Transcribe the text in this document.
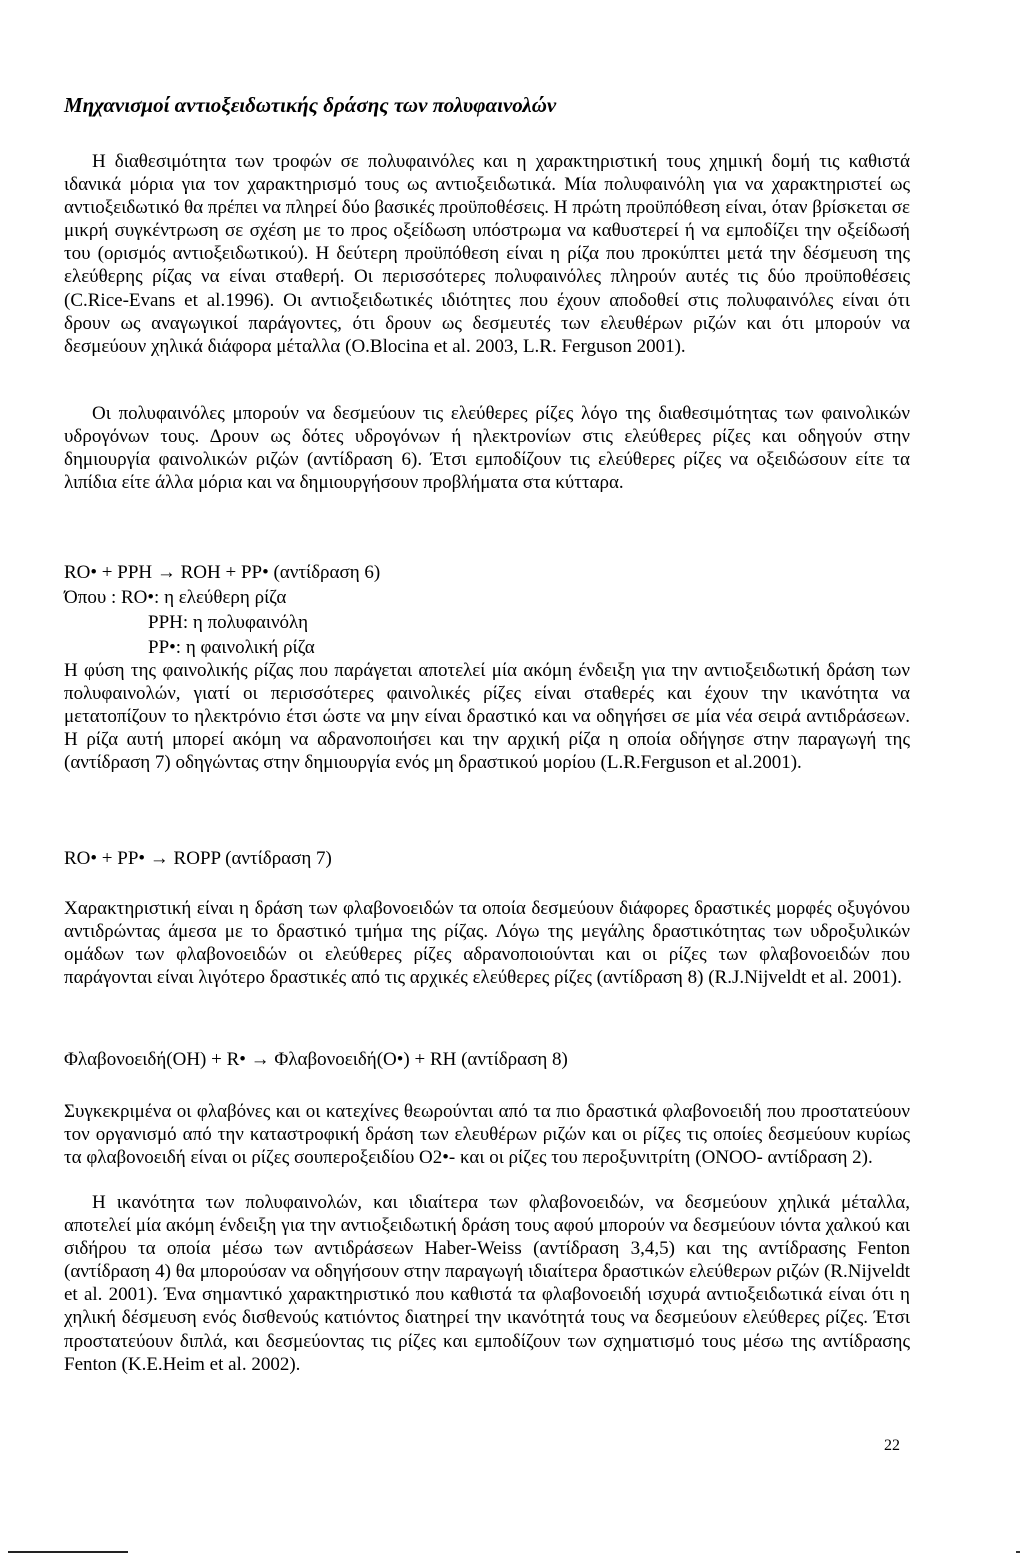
Μηχανισμοί αντιοξειδωτικής δράσης των πολυφαινολών

Η διαθεσιμότητα των τροφών σε πολυφαινόλες και η χαρακτηριστική τους χημική δομή τις καθιστά ιδανικά μόρια για τον χαρακτηρισμό τους ως αντιοξειδωτικά. Μία πολυφαινόλη για να χαρακτηριστεί ως αντιοξειδωτικό θα πρέπει να πληρεί δύο βασικές προϋποθέσεις. Η πρώτη προϋπόθεση είναι, όταν βρίσκεται σε μικρή συγκέντρωση σε σχέση με το προς οξείδωση υπόστρωμα να καθυστερεί ή να εμποδίζει την οξείδωσή του (ορισμός αντιοξειδωτικού). Η δεύτερη προϋπόθεση είναι η ρίζα που προκύπτει μετά την δέσμευση της ελεύθερης ρίζας να είναι σταθερή. Οι περισσότερες πολυφαινόλες πληρούν αυτές τις δύο προϋποθέσεις (C.Rice-Evans et al.1996). Οι αντιοξειδωτικές ιδιότητες που έχουν αποδοθεί στις πολυφαινόλες είναι ότι δρουν ως αναγωγικοί παράγοντες, ότι δρουν ως δεσμευτές των ελευθέρων ριζών και ότι μπορούν να δεσμεύουν χηλικά διάφορα μέταλλα (O.Blocina et al. 2003, L.R. Ferguson 2001).

Οι πολυφαινόλες μπορούν να δεσμεύουν τις ελεύθερες ρίζες λόγο της διαθεσιμότητας των φαινολικών υδρογόνων τους. Δρουν ως δότες υδρογόνων ή ηλεκτρονίων στις ελεύθερες ρίζες και οδηγούν στην δημιουργία φαινολικών ριζών (αντίδραση 6). Έτσι εμποδίζουν τις ελεύθερες ρίζες να οξειδώσουν είτε τα λιπίδια είτε άλλα μόρια και να δημιουργήσουν προβλήματα στα κύτταρα.

RO• + PPH → ROH + PP• (αντίδραση 6)

Όπου : RO•: η ελεύθερη ρίζα

PPH: η πολυφαινόλη

PP•: η φαινολική ρίζα

Η φύση της φαινολικής ρίζας που παράγεται αποτελεί μία ακόμη ένδειξη για την αντιοξειδωτική δράση των πολυφαινολών, γιατί οι περισσότερες φαινολικές ρίζες είναι σταθερές και έχουν την ικανότητα να μετατοπίζουν το ηλεκτρόνιο έτσι ώστε να μην είναι δραστικό και να οδηγήσει σε μία νέα σειρά αντιδράσεων. Η ρίζα αυτή μπορεί ακόμη να αδρανοποιήσει και την αρχική ρίζα η οποία οδήγησε στην παραγωγή της (αντίδραση 7) οδηγώντας στην δημιουργία ενός μη δραστικού μορίου (L.R.Ferguson et al.2001).

RO• + PP• → ROPP (αντίδραση 7)

Χαρακτηριστική είναι η δράση των φλαβονοειδών τα οποία δεσμεύουν διάφορες δραστικές μορφές οξυγόνου αντιδρώντας άμεσα με το δραστικό τμήμα της ρίζας. Λόγω της μεγάλης δραστικότητας των υδροξυλικών ομάδων των φλαβονοειδών οι ελεύθερες ρίζες αδρανοποιούνται και οι ρίζες των φλαβονοειδών που παράγονται είναι λιγότερο δραστικές από τις αρχικές ελεύθερες ρίζες (αντίδραση 8) (R.J.Nijveldt et al. 2001).

Φλαβονοειδή(OH) + R• → Φλαβονοειδή(O•) + RH (αντίδραση 8)

Συγκεκριμένα οι φλαβόνες και οι κατεχίνες θεωρούνται από τα πιο δραστικά φλαβονοειδή που προστατεύουν τον οργανισμό από την καταστροφική δράση των ελευθέρων ριζών και οι ρίζες τις οποίες δεσμεύουν κυρίως τα φλαβονοειδή είναι οι ρίζες σουπεροξειδίου O2•- και οι ρίζες του περοξυνιτρίτη (ONOO- αντίδραση 2).

Η ικανότητα των πολυφαινολών, και ιδιαίτερα των φλαβονοειδών, να δεσμεύουν χηλικά μέταλλα, αποτελεί μία ακόμη ένδειξη για την αντιοξειδωτική δράση τους αφού μπορούν να δεσμεύουν ιόντα χαλκού και σιδήρου τα οποία μέσω των αντιδράσεων Haber-Weiss (αντίδραση 3,4,5) και της αντίδρασης Fenton (αντίδραση 4) θα μπορούσαν να οδηγήσουν στην παραγωγή ιδιαίτερα δραστικών ελεύθερων ριζών (R.Nijveldt et al. 2001). Ένα σημαντικό χαρακτηριστικό που καθιστά τα φλαβονοειδή ισχυρά αντιοξειδωτικά είναι ότι η χηλική δέσμευση ενός δισθενούς κατιόντος διατηρεί την ικανότητά τους να δεσμεύουν ελεύθερες ρίζες. Έτσι προστατεύουν διπλά, και δεσμεύοντας τις ρίζες και εμποδίζουν των σχηματισμό τους μέσω της αντίδρασης Fenton (K.E.Heim et al. 2002).

22
